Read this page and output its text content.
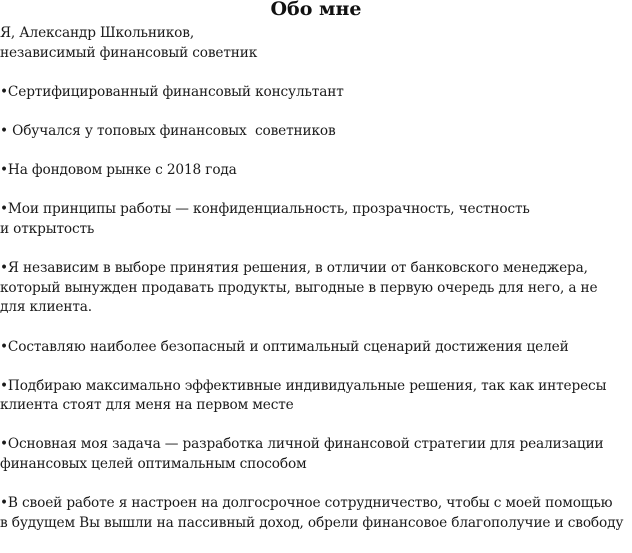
Обо мне

Я, Александр Школьников,
независимый финансовый советник

•Сертифицированный финансовый консультант

• Обучался у топовых финансовых  советников

•На фондовом рынке с 2018 года

•Мои принципы работы — конфиденциальность, прозрачность, честность
и открытость

•Я независим в выборе принятия решения, в отличии от банковского менеджера,
который вынужден продавать продукты, выгодные в первую очередь для него, а не
для клиента.

•Составляю наиболее безопасный и оптимальный сценарий достижения целей

•Подбираю максимально эффективные индивидуальные решения, так как интересы
клиента стоят для меня на первом месте

•Основная моя задача — разработка личной финансовой стратегии для реализации
финансовых целей оптимальным способом

•В своей работе я настроен на долгосрочное сотрудничество, чтобы с моей помощью
в будущем Вы вышли на пассивный доход, обрели финансовое благополучие и свободу
